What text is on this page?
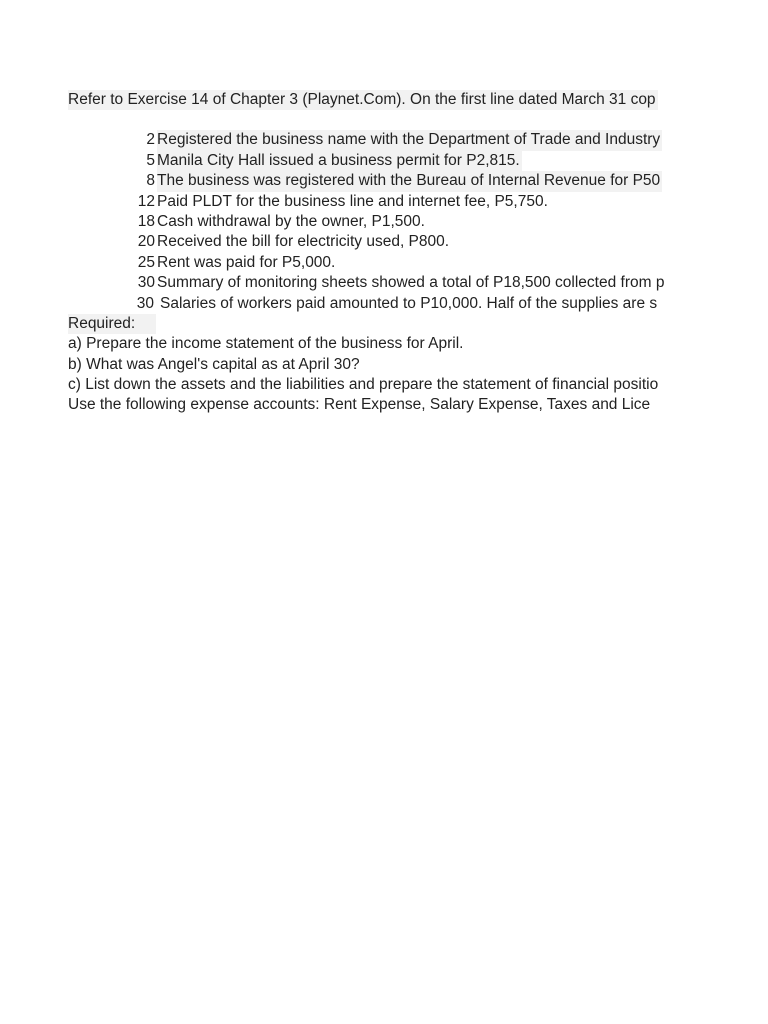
Refer to Exercise 14 of Chapter 3 (Playnet.Com). On the first line dated March 31 cop
2 Registered the business name with the Department of Trade and Industry
5 Manila City Hall issued a business permit for P2,815.
8 The business was registered with the Bureau of Internal Revenue for P50
12 Paid PLDT for the business line and internet fee, P5,750.
18 Cash withdrawal by the owner, P1,500.
20 Received the bill for electricity used, P800.
25 Rent was paid for P5,000.
30 Summary of monitoring sheets showed a total of P18,500 collected from p
30 Salaries of workers paid amounted to P10,000. Half of the supplies are s
Required:
a) Prepare the income statement of the business for April.
b) What was Angel's capital as at April 30?
c) List down the assets and the liabilities and prepare the statement of financial positio
Use the following expense accounts: Rent Expense, Salary Expense, Taxes and Lice
